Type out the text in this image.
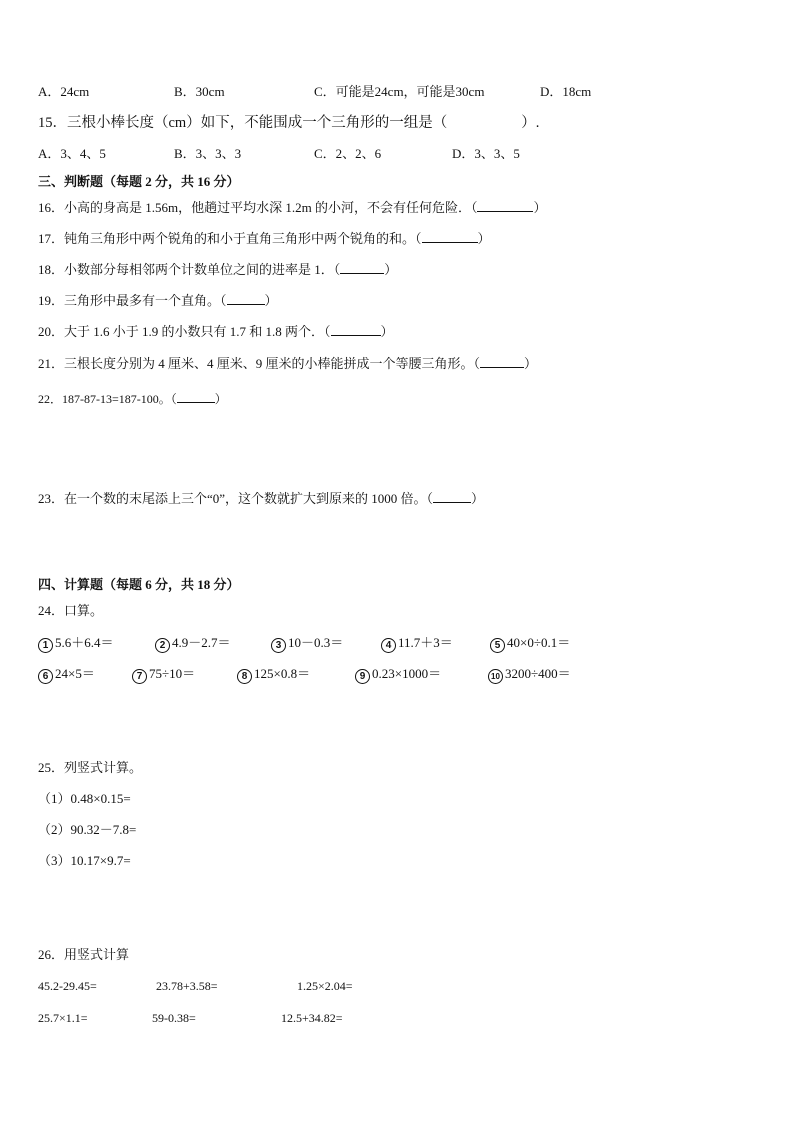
A．24cm	B．30cm	C．可能是24cm，可能是30cm	D．18cm
15．三根小棒长度（cm）如下，不能围成一个三角形的一组是（	）.
A．3、4、5	B．3、3、3	C．2、2、6	D．3、3、5
三、判断题（每题 2 分，共 16 分）
16．小高的身高是 1.56m，他趟过平均水深 1.2m 的小河，不会有任何危险．（	）
17．钝角三角形中两个锐角的和小于直角三角形中两个锐角的和。（	）
18．小数部分每相邻两个计数单位之间的进率是 1．（	）
19．三角形中最多有一个直角。（	）
20．大于 1.6 小于 1.9 的小数只有 1.7 和 1.8 两个．（	）
21．三根长度分别为 4 厘米、4 厘米、9 厘米的小棒能拼成一个等腰三角形。（	）
22．187-87-13=187-100。（	）
23．在一个数的末尾添上三个“0”，这个数就扩大到原来的 1000 倍。（	）
四、计算题（每题 6 分，共 18 分）
24．口算。
1 5.6＋6.4＝	2 4.9－2.7＝	3 10－0.3＝	4 11.7＋3＝	5 40×0÷0.1＝
6 24×5＝	7 75÷10＝	8 125×0.8＝	9 0.23×1000＝	10 3200÷400＝
25．列竖式计算。
（1）0.48×0.15=
（2）90.32－7.8=
（3）10.17×9.7=
26．用竖式计算
45.2-29.45=	23.78+3.58=	1.25×2.04=
25.7×1.1=	59-0.38=	12.5+34.82=
